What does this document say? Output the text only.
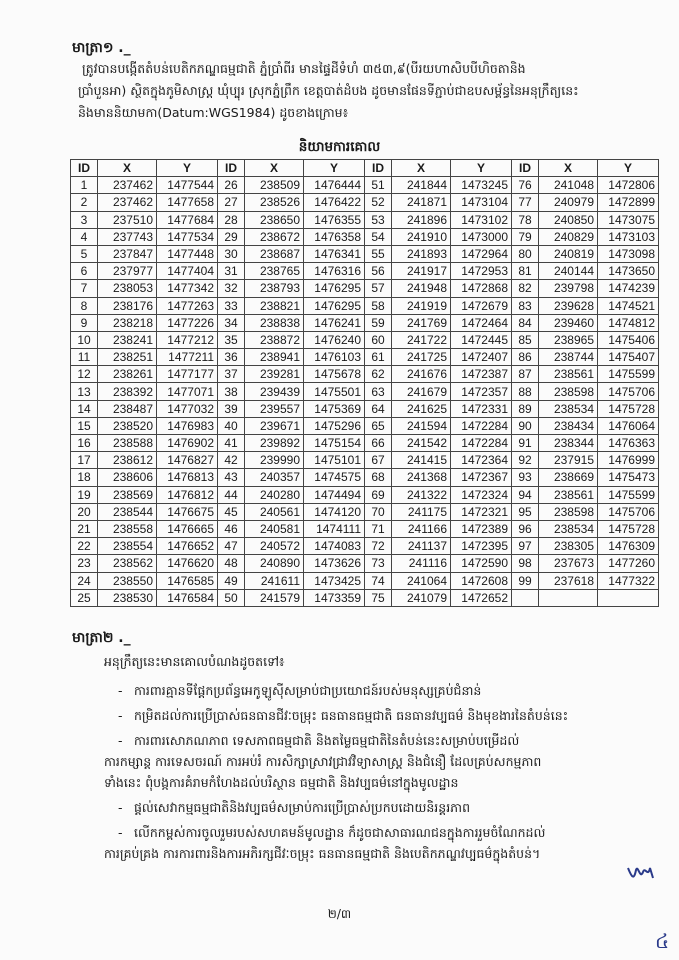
មាត្រា១ ._
ត្រូវបានបង្កើតតំបន់បេតិកភណ្ឌធម្មជាតិ ភ្នំប្រាំពីរ មានផ្ទៃដីទំហំ ៣៥៣,៩(បីរយហាសិបបីហិចតានិង
ប្រាំបួនអា) ស្ថិតក្នុងភូមិសាស្ត្រ ឃុំប្បុរ ស្រុកភ្នំព្រឹក ខេត្តបាត់ដំបង ដូចមានផែនទីភ្ជាប់ជាឧបសម្ព័ន្ធនៃអនុក្រឹត្យនេះ
និងមាននិយាមកា(Datum:WGS1984) ដូចខាងក្រោម៖
និយាមការគោល
ID	X	Y	ID	X	Y	ID	X	Y	ID	X	Y
1	237462	1477544	26	238509	1476444	51	241844	1473245	76	241048	1472806
2	237462	1477658	27	238526	1476422	52	241871	1473104	77	240979	1472899
3	237510	1477684	28	238650	1476355	53	241896	1473102	78	240850	1473075
4	237743	1477534	29	238672	1476358	54	241910	1473000	79	240829	1473103
5	237847	1477448	30	238687	1476341	55	241893	1472964	80	240819	1473098
6	237977	1477404	31	238765	1476316	56	241917	1472953	81	240144	1473650
7	238053	1477342	32	238793	1476295	57	241948	1472868	82	239798	1474239
8	238176	1477263	33	238821	1476295	58	241919	1472679	83	239628	1474521
9	238218	1477226	34	238838	1476241	59	241769	1472464	84	239460	1474812
10	238241	1477212	35	238872	1476240	60	241722	1472445	85	238965	1475406
11	238251	1477211	36	238941	1476103	61	241725	1472407	86	238744	1475407
12	238261	1477177	37	239281	1475678	62	241676	1472387	87	238561	1475599
13	238392	1477071	38	239439	1475501	63	241679	1472357	88	238598	1475706
14	238487	1477032	39	239557	1475369	64	241625	1472331	89	238534	1475728
15	238520	1476983	40	239671	1475296	65	241594	1472284	90	238434	1476064
16	238588	1476902	41	239892	1475154	66	241542	1472284	91	238344	1476363
17	238612	1476827	42	239990	1475101	67	241415	1472364	92	237915	1476999
18	238606	1476813	43	240357	1474575	68	241368	1472367	93	238669	1475473
19	238569	1476812	44	240280	1474494	69	241322	1472324	94	238561	1475599
20	238544	1476675	45	240561	1474120	70	241175	1472321	95	238598	1475706
21	238558	1476665	46	240581	1474111	71	241166	1472389	96	238534	1475728
22	238554	1476652	47	240572	1474083	72	241137	1472395	97	238305	1476309
23	238562	1476620	48	240890	1473626	73	241116	1472590	98	237673	1477260
24	238550	1476585	49	241611	1473425	74	241064	1472608	99	237618	1477322
25	238530	1476584	50	241579	1473359	75	241079	1472652			
មាត្រា២ ._
អនុក្រឹត្យនេះមានគោលបំណងដូចតទៅ៖
- ការពារគ្មានទីផ្ដែកប្រព័ន្ធអេកូឡូស៊ីសម្រាប់ជាប្រយោជន៍របស់មនុស្សគ្រប់ជំនាន់
- កម្រិតដល់ការប្រើប្រាស់ធនធានជីវៈចម្រុះ ធនធានធម្មជាតិ ធនធានវប្បធម៌ និងមុខងារនៃតំបន់នេះ
- ការពារសោភណភាព ទេសភាពធម្មជាតិ និងតម្លៃធម្មជាតិនៃតំបន់នេះសម្រាប់បម្រើដល់
ការកម្សាន្ត ការទេសចរណ៍ ការអប់រំ ការសិក្សាស្រាវជ្រាវវិទ្យាសាស្ត្រ និងជំនឿ ដែលគ្រប់សកម្មភាព
ទាំងនេះ ពុំបង្កការគំរាមកំហែងដល់បរិស្ថាន ធម្មជាតិ និងវប្បធម៌នៅក្នុងមូលដ្ឋាន
- ផ្ដល់សេវាកម្មធម្មជាតិនិងវប្បធម៌សម្រាប់ការប្រើប្រាស់ប្រកបដោយនិរន្តរភាព
- លើកកម្ពស់ការចូលរួមរបស់សហគមន៍មូលដ្ឋាន ក៏ដូចជាសាធារណជនក្នុងការរួមចំណែកដល់
ការគ្រប់គ្រង ការការពារនិងការអភិរក្សជីវៈចម្រុះ ធនធានធម្មជាតិ និងបេតិកភណ្ឌវប្បធម៌ក្នុងតំបន់។
២/៣
៤
